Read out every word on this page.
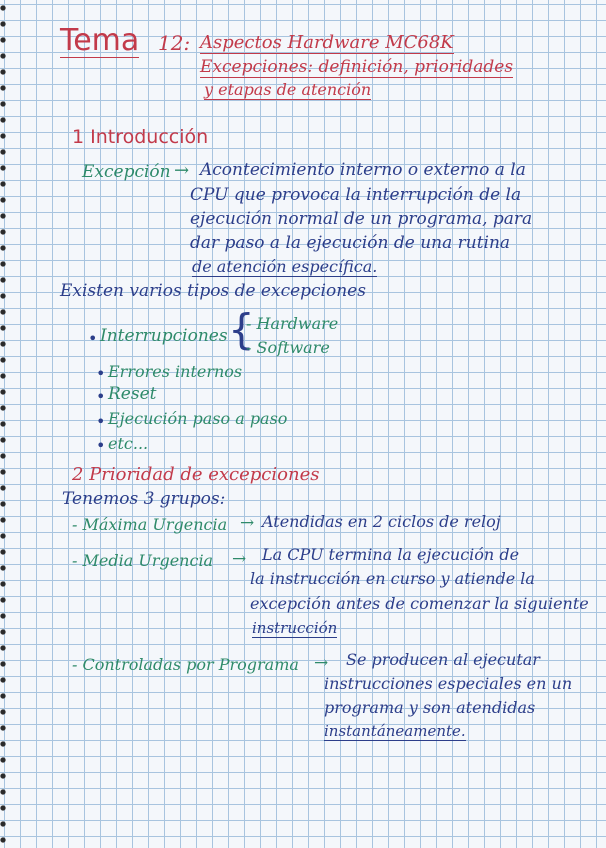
Tema 12: Aspectos Hardware MC68K
Excepciones: definición, prioridades
y etapas de atención
1 Introducción
Excepción → Acontecimiento interno o externo a la
CPU que provoca la interrupción de la
ejecución normal de un programa, para
dar paso a la ejecución de una rutina
de atención específica.
Existen varios tipos de excepciones
• Interrupciones {
- Hardware
- Software
• Errores internos
• Reset
• Ejecución paso a paso
• etc...
2 Prioridad de excepciones
Tenemos 3 grupos:
- Máxima Urgencia → Atendidas en 2 ciclos de reloj
- Media Urgencia → La CPU termina la ejecución de
la instrucción en curso y atiende la
excepción antes de comenzar la siguiente
instrucción
- Controladas por Programa → Se producen al ejecutar
instrucciones especiales en un
programa y son atendidas
instantáneamente.
